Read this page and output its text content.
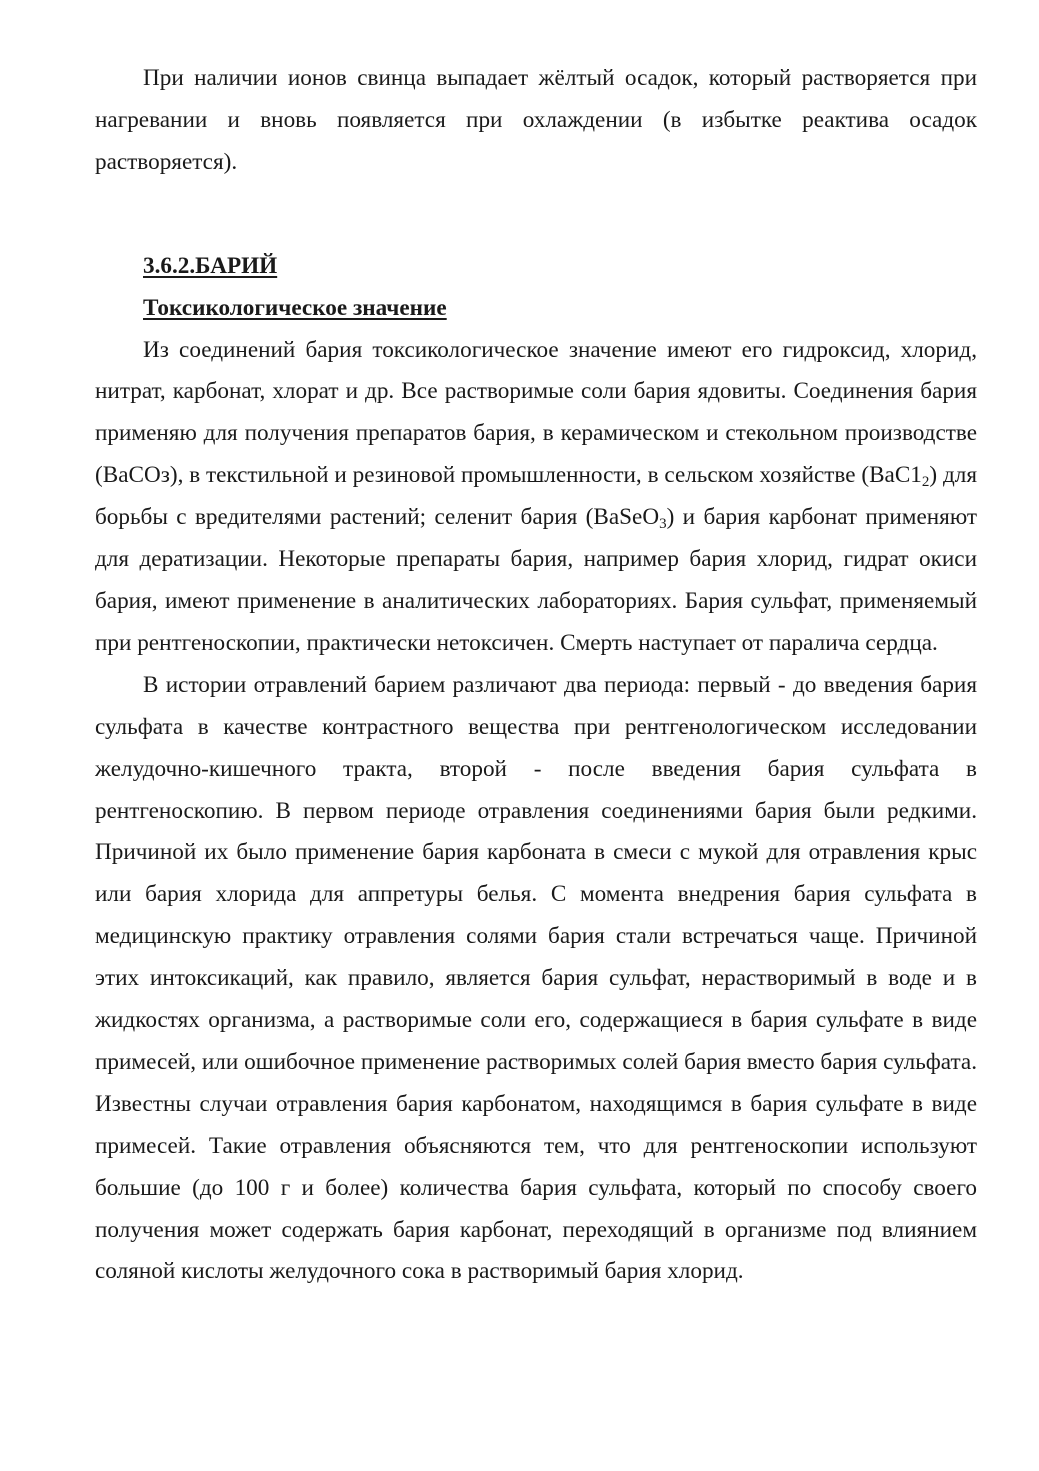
При наличии ионов свинца выпадает жёлтый осадок, который растворяется при нагревании и вновь появляется при охлаждении (в избытке реактива осадок растворяется).

3.6.2.БАРИЙ

Токсикологическое значение

Из соединений бария токсикологическое значение имеют его гидроксид, хлорид, нитрат, карбонат, хлорат и др. Все растворимые соли бария ядовиты. Соединения бария применяю для получения препаратов бария, в керамическом и стекольном производстве (BaCOз), в текстильной и резиновой промышленности, в сельском хозяйстве $(BaC1_2)$ для борьбы с вредителями растений; селенит бария (BaSeO$_3$) и бария карбонат применяют для дератизации. Некоторые препараты бария, например бария хлорид, гидрат окиси бария, имеют применение в аналитических лабораториях. Бария сульфат, применяемый при рентгеноскопии, практически нетоксичен. Смерть наступает от паралича сердца.

В истории отравлений барием различают два периода: первый - до введения бария сульфата в качестве контрастного вещества при рентгенологическом исследовании желудочно-кишечного тракта, второй - после введения бария сульфата в рентгеноскопию. В первом периоде отравления соединениями бария были редкими. Причиной их было применение бария карбоната в смеси с мукой для отравления крыс или бария хлорида для аппретуры белья. С момента внедрения бария сульфата в медицинскую практику отравления солями бария стали встречаться чаще. Причиной этих интоксикаций, как правило, является бария сульфат, нерастворимый в воде и в жидкостях организма, а растворимые соли его, содержащиеся в бария сульфате в виде примесей, или ошибочное применение растворимых солей бария вместо бария сульфата. Известны случаи отравления бария карбонатом, находящимся в бария сульфате в виде примесей. Такие отравления объясняются тем, что для рентгеноскопии используют большие (до 100 г и более) количества бария сульфата, который по способу своего получения может содержать бария карбонат, переходящий в организме под влиянием соляной кислоты желудочного сока в растворимый бария хлорид.
